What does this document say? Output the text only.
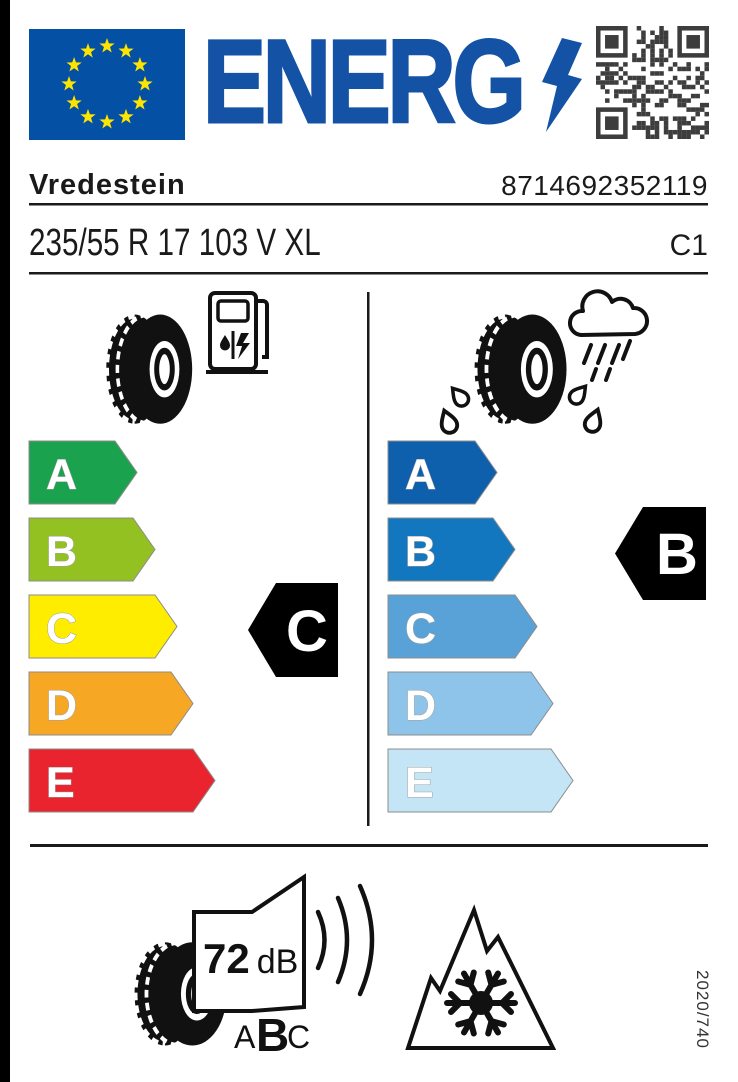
ENERG
Vredestein	8714692352119
235/55 R 17 103 V XL	C1
A
B
C
D
E
C
A
B
C
D
E
B
72 dB
A B
C	2020/740
